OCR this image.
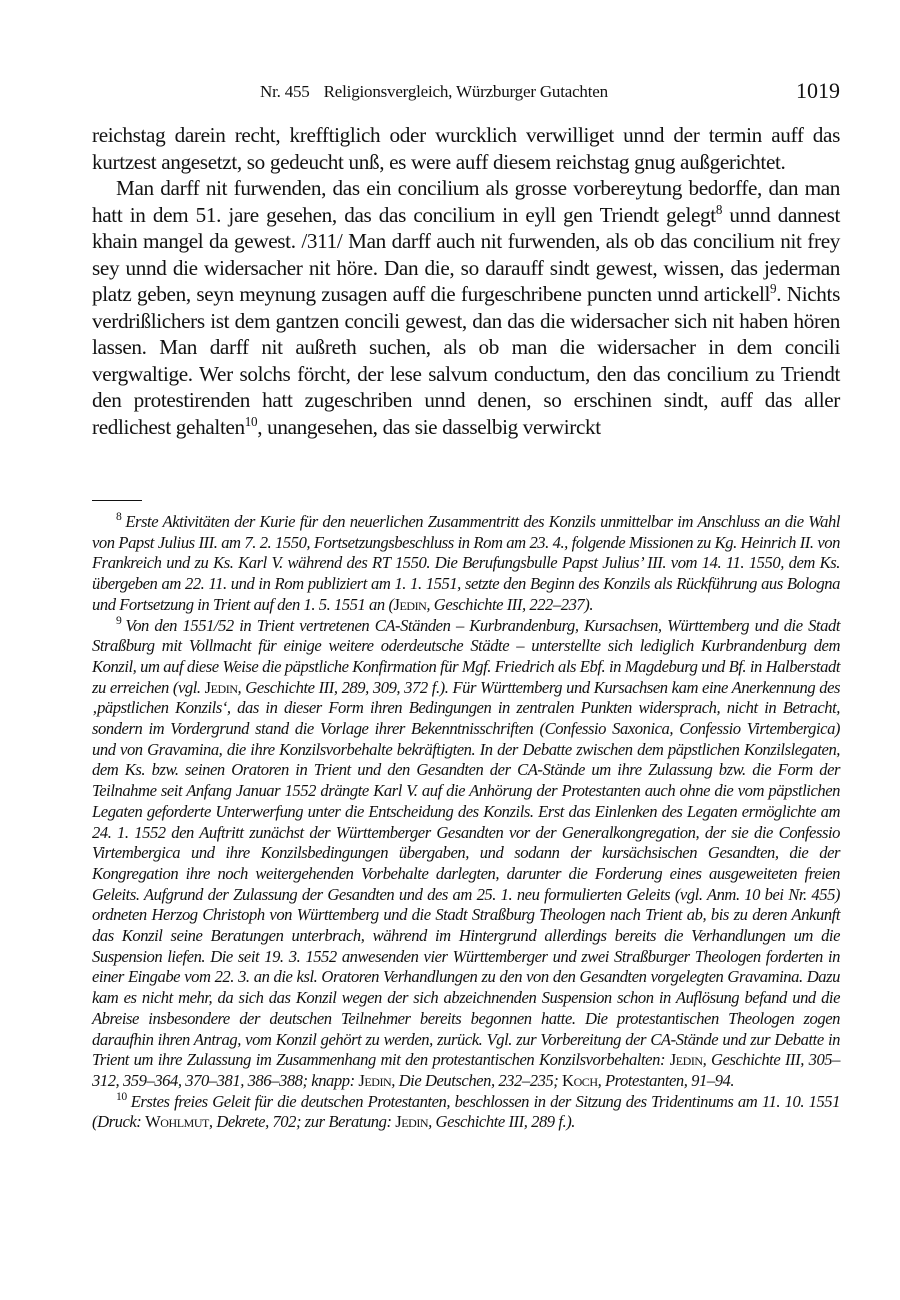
Nr. 455 Religionsvergleich, Würzburger Gutachten	1019

reichstag darein recht, krefftiglich oder wurcklich verwilliget unnd der termin auff das kurtzest angesetzt, so gedeucht unß, es were auff diesem reichstag gnug außgerichtet.

Man darff nit furwenden, das ein concilium als grosse vorbereytung bedorffe, dan man hatt in dem 51. jare gesehen, das das concilium in eyll gen Triendt gelegt$^8$ unnd dannest khain mangel da gewest. /311/ Man darff auch nit furwenden, als ob das concilium nit frey sey unnd die widersacher nit höre. Dan die, so darauff sindt gewest, wissen, das jederman platz geben, seyn meynung zusagen auff die furgeschribene puncten unnd artickell$^9$. Nichts verdrißlichers ist dem gantzen concili gewest, dan das die widersacher sich nit haben hören lassen. Man darff nit außreth suchen, als ob man die widersacher in dem concili vergwaltige. Wer solchs förcht, der lese salvum conductum, den das concilium zu Triendt den protestirenden hatt zugeschriben unnd denen, so erschinen sindt, auff das aller redlichest gehalten$^{10}$, unangesehen, das sie dasselbig verwirckt

$^8$ Erste Aktivitäten der Kurie für den neuerlichen Zusammentritt des Konzils unmittelbar im Anschluss an die Wahl von Papst Julius III. am 7. 2. 1550, Fortsetzungsbeschluss in Rom am 23. 4., folgende Missionen zu Kg. Heinrich II. von Frankreich und zu Ks. Karl V. während des RT 1550. Die Berufungsbulle Papst Julius’ III. vom 14. 11. 1550, dem Ks. übergeben am 22. 11. und in Rom publiziert am 1. 1. 1551, setzte den Beginn des Konzils als Rückführung aus Bologna und Fortsetzung in Trient auf den 1. 5. 1551 an (Jedin, Geschichte III, 222–237).

$^9$ Von den 1551/52 in Trient vertretenen CA-Ständen – Kurbrandenburg, Kursachsen, Württemberg und die Stadt Straßburg mit Vollmacht für einige weitere oderdeutsche Städte – unterstellte sich lediglich Kurbrandenburg dem Konzil, um auf diese Weise die päpstliche Konfirmation für Mgf. Friedrich als Ebf. in Magdeburg und Bf. in Halberstadt zu erreichen (vgl. Jedin, Geschichte III, 289, 309, 372 f.). Für Württemberg und Kursachsen kam eine Anerkennung des ‚päpstlichen Konzils‘, das in dieser Form ihren Bedingungen in zentralen Punkten widersprach, nicht in Betracht, sondern im Vordergrund stand die Vorlage ihrer Bekenntnisschriften (Confessio Saxonica, Confessio Virtembergica) und von Gravamina, die ihre Konzilsvorbehalte bekräftigten. In der Debatte zwischen dem päpstlichen Konzilslegaten, dem Ks. bzw. seinen Oratoren in Trient und den Gesandten der CA-Stände um ihre Zulassung bzw. die Form der Teilnahme seit Anfang Januar 1552 drängte Karl V. auf die Anhörung der Protestanten auch ohne die vom päpstlichen Legaten geforderte Unterwerfung unter die Entscheidung des Konzils. Erst das Einlenken des Legaten ermöglichte am 24. 1. 1552 den Auftritt zunächst der Württemberger Gesandten vor der Generalkongregation, der sie die Confessio Virtembergica und ihre Konzilsbedingungen übergaben, und sodann der kursächsischen Gesandten, die der Kongregation ihre noch weitergehenden Vorbehalte darlegten, darunter die Forderung eines ausgeweiteten freien Geleits. Aufgrund der Zulassung der Gesandten und des am 25. 1. neu formulierten Geleits (vgl. Anm. 10 bei Nr. 455) ordneten Herzog Christoph von Württemberg und die Stadt Straßburg Theologen nach Trient ab, bis zu deren Ankunft das Konzil seine Beratungen unterbrach, während im Hintergrund allerdings bereits die Verhandlungen um die Suspension liefen. Die seit 19. 3. 1552 anwesenden vier Württemberger und zwei Straßburger Theologen forderten in einer Eingabe vom 22. 3. an die ksl. Oratoren Verhandlungen zu den von den Gesandten vorgelegten Gravamina. Dazu kam es nicht mehr, da sich das Konzil wegen der sich abzeichnenden Suspension schon in Auflösung befand und die Abreise insbesondere der deutschen Teilnehmer bereits begonnen hatte. Die protestantischen Theologen zogen daraufhin ihren Antrag, vom Konzil gehört zu werden, zurück. Vgl. zur Vorbereitung der CA-Stände und zur Debatte in Trient um ihre Zulassung im Zusammenhang mit den protestantischen Konzilsvorbehalten: Jedin, Geschichte III, 305–312, 359–364, 370–381, 386–388; knapp: Jedin, Die Deutschen, 232–235; Koch, Protestanten, 91–94.

$^{10}$ Erstes freies Geleit für die deutschen Protestanten, beschlossen in der Sitzung des Tridentinums am 11. 10. 1551 (Druck: Wohlmut, Dekrete, 702; zur Beratung: Jedin, Geschichte III, 289 f.).
